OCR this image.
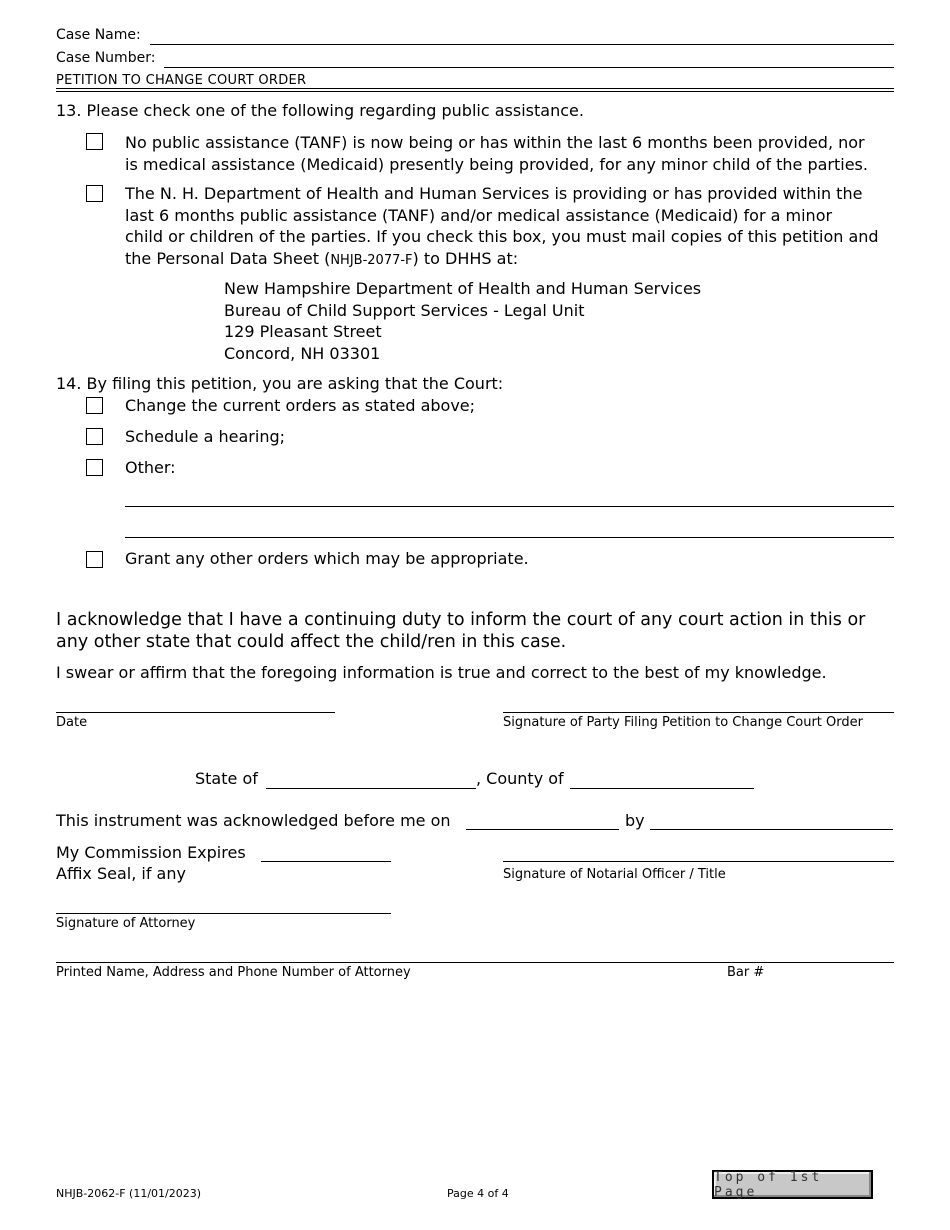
Case Name:
Case Number:
PETITION TO CHANGE COURT ORDER
13. Please check one of the following regarding public assistance.
No public assistance (TANF) is now being or has within the last 6 months been provided, nor
is medical assistance (Medicaid) presently being provided, for any minor child of the parties.
The N. H. Department of Health and Human Services is providing or has provided within the
last 6 months public assistance (TANF) and/or medical assistance (Medicaid) for a minor
child or children of the parties. If you check this box, you must mail copies of this petition and
the Personal Data Sheet (NHJB-2077-F) to DHHS at:
New Hampshire Department of Health and Human Services
Bureau of Child Support Services - Legal Unit
129 Pleasant Street
Concord, NH 03301
14. By filing this petition, you are asking that the Court:
Change the current orders as stated above;
Schedule a hearing;
Other:
Grant any other orders which may be appropriate.
I acknowledge that I have a continuing duty to inform the court of any court action in this or
any other state that could affect the child/ren in this case.
I swear or affirm that the foregoing information is true and correct to the best of my knowledge.
Date	Signature of Party Filing Petition to Change Court Order
State of	, County of
This instrument was acknowledged before me on	by
My Commission Expires
Affix Seal, if any	Signature of Notarial Officer / Title
Signature of Attorney
Printed Name, Address and Phone Number of Attorney	Bar #
NHJB-2062-F (11/01/2023)	Page 4 of 4
Top of 1st Page
